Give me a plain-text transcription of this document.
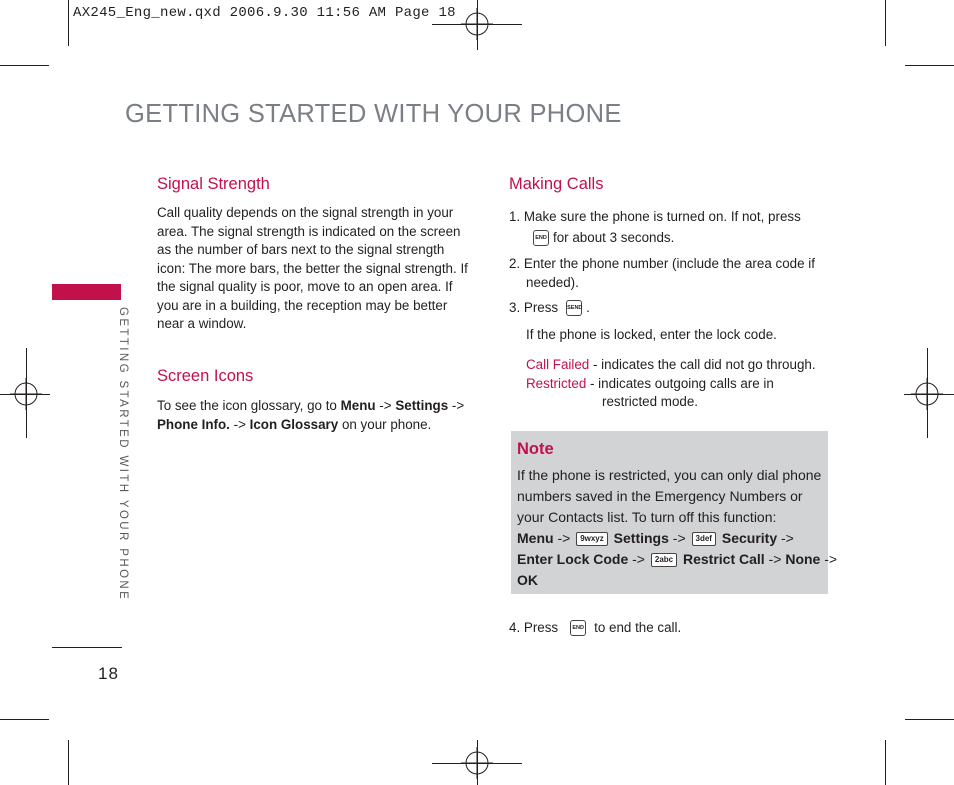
AX245_Eng_new.qxd 2006.9.30 11:56 AM Page 18
GETTING STARTED WITH YOUR PHONE
GETTING STARTED WITH YOUR PHONE
18
Signal Strength
Call quality depends on the signal strength in your
area. The signal strength is indicated on the screen
as the number of bars next to the signal strength
icon: The more bars, the better the signal strength. If
the signal quality is poor, move to an open area. If
you are in a building, the reception may be better
near a window.
Screen Icons
To see the icon glossary, go to Menu -> Settings ->
Phone Info. -> Icon Glossary on your phone.
Making Calls
1. Make sure the phone is turned on. If not, press
END for about 3 seconds.
2. Enter the phone number (include the area code if
needed).
3. Press SEND .
If the phone is locked, enter the lock code.
Call Failed - indicates the call did not go through.
Restricted - indicates outgoing calls are in
restricted mode.
Note
If the phone is restricted, you can only dial phone
numbers saved in the Emergency Numbers or
your Contacts list. To turn off this function:
Menu -> 9wxyz Settings -> 3def Security ->
Enter Lock Code -> 2abc Restrict Call -> None ->
OK
4. Press	END to end the call.
